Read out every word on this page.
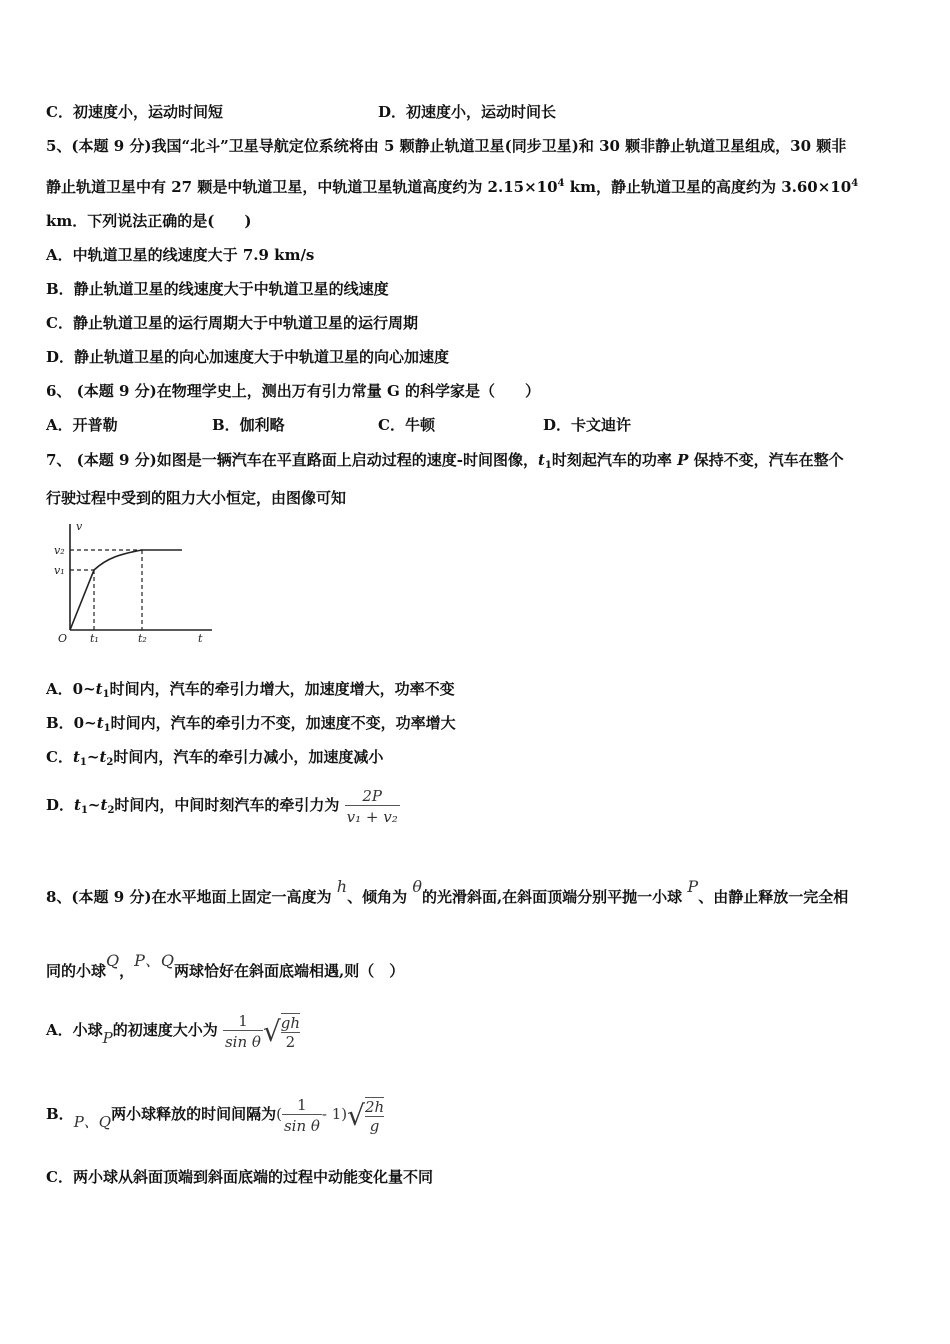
C．初速度小，运动时间短	D．初速度小，运动时间长
5、(本题 9 分)我国“北斗”卫星导航定位系统将由 5 颗静止轨道卫星(同步卫星)和 30 颗非静止轨道卫星组成，30 颗非
静止轨道卫星中有 27 颗是中轨道卫星，中轨道卫星轨道高度约为 $2.15\times 10^4$ km，静止轨道卫星的高度约为 $3.60\times 10^4$
km．下列说法正确的是(　　)
A．中轨道卫星的线速度大于 7.9 km/s
B．静止轨道卫星的线速度大于中轨道卫星的线速度
C．静止轨道卫星的运行周期大于中轨道卫星的运行周期
D．静止轨道卫星的向心加速度大于中轨道卫星的向心加速度
6、 (本题 9 分)在物理学史上，测出万有引力常量 G 的科学家是（　　）
A．开普勒	B．伽利略	C．牛顿	D．卡文迪许
7、 (本题 9 分)如图是一辆汽车在平直路面上启动过程的速度-时间图像，$t_1$时刻起汽车的功率 P 保持不变，汽车在整个
行驶过程中受到的阻力大小恒定，由图像可知
v
v₂
v₁
O t₁	t₂	t
A．$0\sim t_1$时间内，汽车的牵引力增大，加速度增大，功率不变
B．$0\sim t_1$时间内，汽车的牵引力不变，加速度不变，功率增大
C．$t_1\sim t_2$时间内，汽车的牵引力减小，加速度减小
D．$t_1\sim t_2$时间内，中间时刻汽车的牵引力为 $\frac{2P}{\text{v₁ + v₂}}$
8、(本题 9 分)在水平地面上固定一高度为 h、倾角为 θ的光滑斜面,在斜面顶端分别平抛一小球 P、由静止释放一完全相
同的小球Q，P、Q两球恰好在斜面底端相遇,则（　）
A．小球P的初速度大小为 $\frac{1}{\text{sin θ}}$ √ $\frac{gh}{2}$
B．P、Q两小球释放的时间间隔为( $\frac{1}{\text{sin θ}} - 1)√ \frac{2h}{g}$
C．两小球从斜面顶端到斜面底端的过程中动能变化量不同
